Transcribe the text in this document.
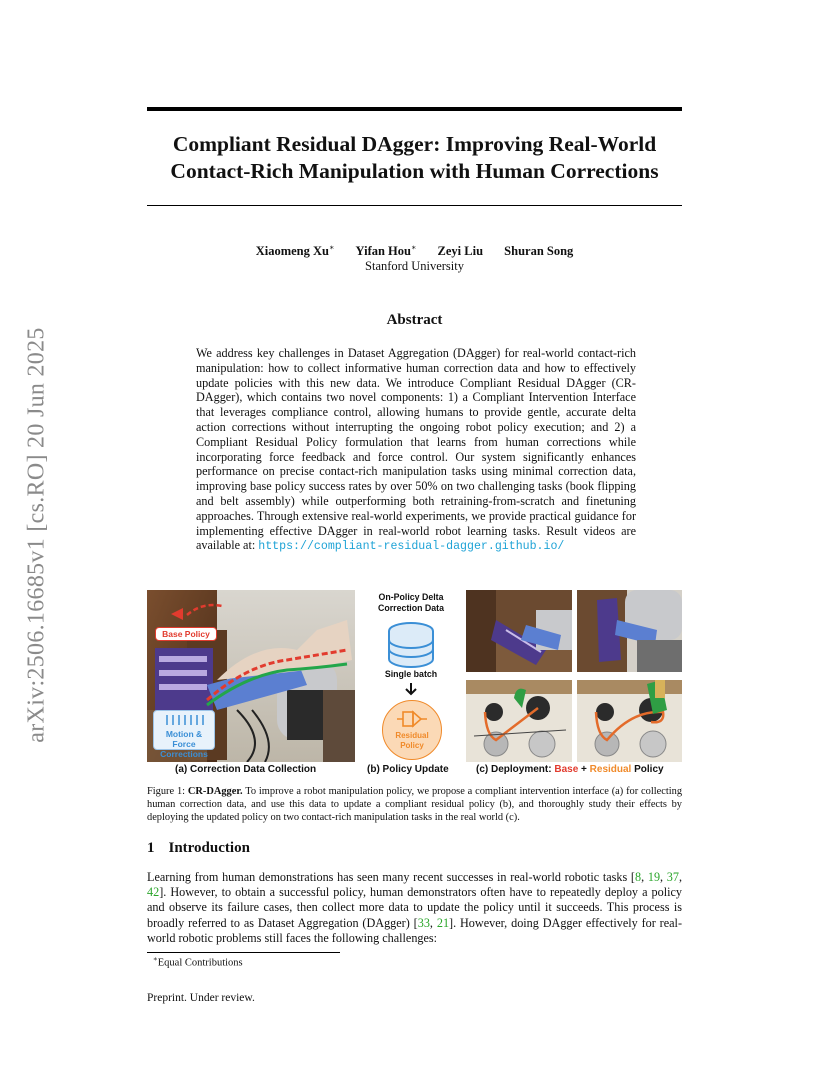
arXiv:2506.16685v1 [cs.RO] 20 Jun 2025
Compliant Residual DAgger: Improving Real-World
Contact-Rich Manipulation with Human Corrections
Xiaomeng Xu∗ Yifan Hou∗ Zeyi Liu Shuran Song
Stanford University
Abstract
We address key challenges in Dataset Aggregation (DAgger) for real-world contact-rich manipulation: how to collect informative human correction data and how to effectively update policies with this new data. We introduce Compliant Residual DAgger (CR-DAgger), which contains two novel components: 1) a Compliant Intervention Interface that leverages compliance control, allowing humans to provide gentle, accurate delta action corrections without interrupting the ongoing robot policy execution; and 2) a Compliant Residual Policy formulation that learns from human corrections while incorporating force feedback and force control. Our system significantly enhances performance on precise contact-rich manipulation tasks using minimal correction data, improving base policy success rates by over 50% on two challenging tasks (book flipping and belt assembly) while outperforming both retraining-from-scratch and finetuning approaches. Through extensive real-world experiments, we provide practical guidance for implementing effective DAgger in real-world robot learning tasks. Result videos are available at: https://compliant-residual-dagger.github.io/
Base Policy
Motion & Force Corrections
(a) Correction Data Collection
On-Policy Delta Correction Data
Single batch
Residual Policy
(b) Policy Update	(c) Deployment: Base + Residual Policy
Figure 1: CR-DAgger. To improve a robot manipulation policy, we propose a compliant intervention interface (a) for collecting human correction data, and use this data to update a compliant residual policy (b), and thoroughly study their effects by deploying the updated policy on two contact-rich manipulation tasks in the real world (c).
1 Introduction
Learning from human demonstrations has seen many recent successes in real-world robotic tasks [8, 19, 37, 42]. However, to obtain a successful policy, human demonstrators often have to repeatedly deploy a policy and observe its failure cases, then collect more data to update the policy until it succeeds. This process is broadly referred to as Dataset Aggregation (DAgger) [33, 21]. However, doing DAgger effectively for real-world robotic problems still faces the following challenges:
∗Equal Contributions
Preprint. Under review.
